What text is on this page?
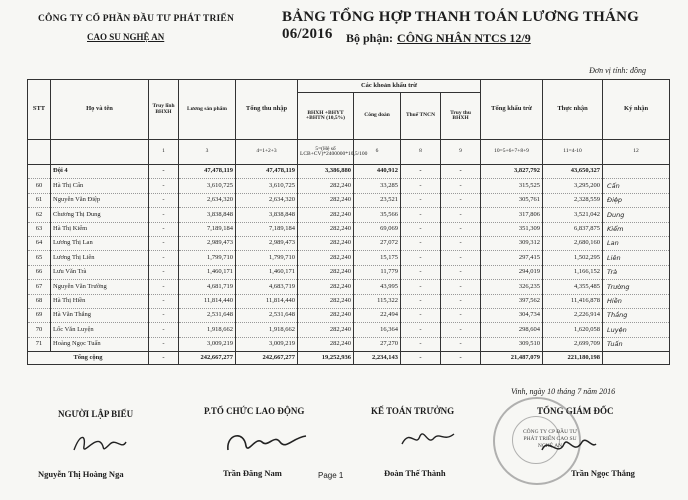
CÔNG TY CỔ PHẦN ĐẦU TƯ PHÁT TRIỂN
CAO SU NGHỆ AN
BẢNG TỔNG HỢP THANH TOÁN LƯƠNG THÁNG 06/2016	Bộ phận: CÔNG NHÂN NTCS 12/9
Đơn vị tính: đồng
STT	Họ và tên	Truy lĩnh BHXH	Lương sản phẩm	Tổng thu nhập	Các khoản khấu trừ				Tổng khấu trừ	Thực nhận	Ký nhận
					BHXH +BHYT +BHTN (10,5%)	Công đoàn	Thuế TNCN	Truy thu BHXH			
		1	3	4=1+2+3	5=(Hệ số LCB+CV)*2400000*10,5/100	6	8	9	10=5+6+7+8+9	11=4-10	12
	Đội 4	-	47,478,119	47,478,119	3,386,880	440,912	-	-	3,827,792	43,650,327	
60	Hà Thị Cẩn	-	3,610,725	3,610,725	282,240	33,285	-	-	315,525	3,295,200	Cẩn
61	Nguyễn Văn Điệp	-	2,634,320	2,634,320	282,240	23,521	-	-	305,761	2,328,559	Điệp
62	Chương Thị Dung	-	3,838,848	3,838,848	282,240	35,566	-	-	317,806	3,521,042	Dung
63	Hà Thị Kiểm	-	7,189,184	7,189,184	282,240	69,069	-	-	351,309	6,837,875	Kiểm
64	Lương Thị Lan	-	2,989,473	2,989,473	282,240	27,072	-	-	309,312	2,680,160	Lan
65	Lương Thị Liên	-	1,799,710	1,799,710	282,240	15,175	-	-	297,415	1,502,295	Liên
66	Lưu Văn Trà	-	1,460,171	1,460,171	282,240	11,779	-	-	294,019	1,166,152	Trà
67	Nguyễn Văn Trường	-	4,681,719	4,683,719	282,240	43,995	-	-	326,235	4,355,485	Trường
68	Hà Thị Hiền	-	11,814,440	11,814,440	282,240	115,322	-	-	397,562	11,416,878	Hiền
69	Hà Văn Thắng	-	2,531,648	2,531,648	282,240	22,494	-	-	304,734	2,226,914	Thắng
70	Lốc Văn Luyện	-	1,918,662	1,918,662	282,240	16,364	-	-	298,604	1,620,058	Luyện
71	Hoàng Ngọc Tuấn	-	3,009,219	3,009,219	282,240	27,270	-	-	309,510	2,699,709	Tuấn
Tổng cộng		-	242,667,277	242,667,277	19,252,936	2,234,143	-	-	21,487,079	221,180,198	
Vinh, ngày 10 tháng 7 năm 2016
NGƯỜI LẬP BIỂU	P.TỔ CHỨC LAO ĐỘNG	KẾ TOÁN TRƯỞNG	TỔNG GIÁM ĐỐC
CÔNG TY CP ĐẦU TƯ PHÁT TRIỂN CAO SU NGHỆ AN
Nguyễn Thị Hoàng Nga	Trần Đăng Nam	Page 1	Đoàn Thế Thành	Trần Ngọc Thắng
